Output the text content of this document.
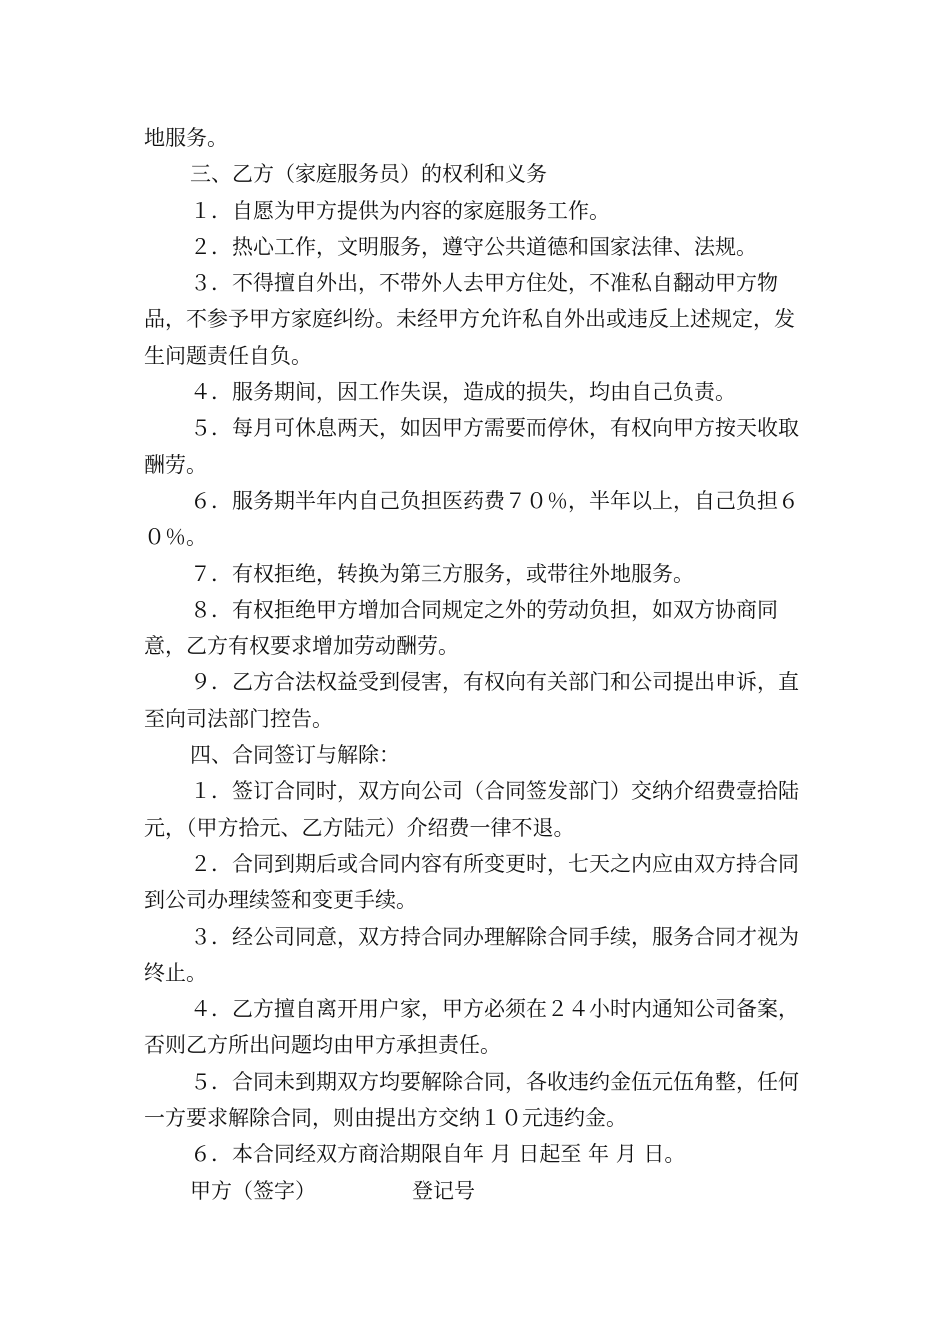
地服务。

三、乙方（家庭服务员）的权利和义务

１．自愿为甲方提供为内容的家庭服务工作。

２．热心工作，文明服务，遵守公共道德和国家法律、法规。

３．不得擅自外出，不带外人去甲方住处，不准私自翻动甲方物品，不参予甲方家庭纠纷。未经甲方允许私自外出或违反上述规定，发生问题责任自负。

４．服务期间，因工作失误，造成的损失，均由自己负责。

５．每月可休息两天，如因甲方需要而停休，有权向甲方按天收取酬劳。

６．服务期半年内自己负担医药费７０％，半年以上，自己负担６０％。

７．有权拒绝，转换为第三方服务，或带往外地服务。

８．有权拒绝甲方增加合同规定之外的劳动负担，如双方协商同意，乙方有权要求增加劳动酬劳。

９．乙方合法权益受到侵害，有权向有关部门和公司提出申诉，直至向司法部门控告。

四、合同签订与解除：

１．签订合同时，双方向公司（合同签发部门）交纳介绍费壹拾陆元，（甲方拾元、乙方陆元）介绍费一律不退。

２．合同到期后或合同内容有所变更时，七天之内应由双方持合同到公司办理续签和变更手续。

３．经公司同意，双方持合同办理解除合同手续，服务合同才视为终止。

４．乙方擅自离开用户家，甲方必须在２４小时内通知公司备案，否则乙方所出问题均由甲方承担责任。

５．合同未到期双方均要解除合同，各收违约金伍元伍角整，任何一方要求解除合同，则由提出方交纳１０元违约金。

６．本合同经双方商洽期限自年 月 日起至 年 月 日。

甲方（签字）	登记号
